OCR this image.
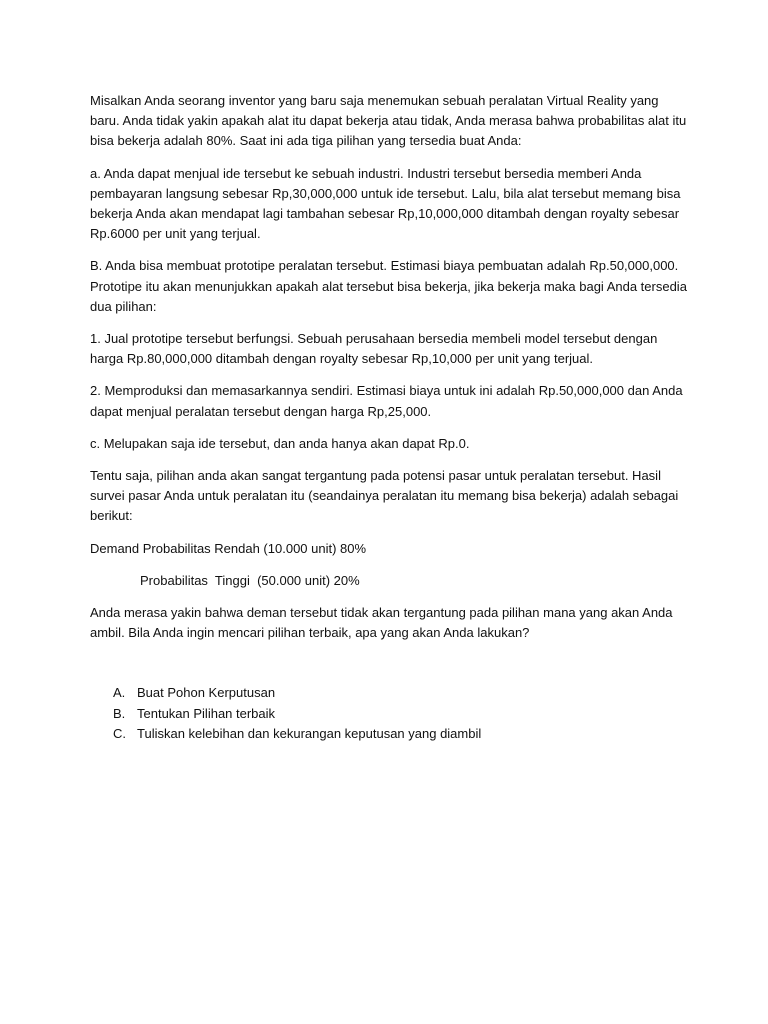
Misalkan Anda seorang inventor yang baru saja menemukan sebuah peralatan Virtual Reality yang baru. Anda tidak yakin apakah alat itu dapat bekerja atau tidak, Anda merasa bahwa probabilitas alat itu bisa bekerja adalah 80%. Saat ini ada tiga pilihan yang tersedia buat Anda:

a. Anda dapat menjual ide tersebut ke sebuah industri. Industri tersebut bersedia memberi Anda pembayaran langsung sebesar Rp,30,000,000 untuk ide tersebut. Lalu, bila alat tersebut memang bisa bekerja Anda akan mendapat lagi tambahan sebesar Rp,10,000,000 ditambah dengan royalty sebesar Rp.6000 per unit yang terjual.

B. Anda bisa membuat prototipe peralatan tersebut. Estimasi biaya pembuatan adalah Rp.50,000,000. Prototipe itu akan menunjukkan apakah alat tersebut bisa bekerja, jika bekerja maka bagi Anda tersedia dua pilihan:

1. Jual prototipe tersebut berfungsi. Sebuah perusahaan bersedia membeli model tersebut dengan harga Rp.80,000,000 ditambah dengan royalty sebesar Rp,10,000 per unit yang terjual.

2. Memproduksi dan memasarkannya sendiri. Estimasi biaya untuk ini adalah Rp.50,000,000 dan Anda dapat menjual peralatan tersebut dengan harga Rp,25,000.

c. Melupakan saja ide tersebut, dan anda hanya akan dapat Rp.0.

Tentu saja, pilihan anda akan sangat tergantung pada potensi pasar untuk peralatan tersebut. Hasil survei pasar Anda untuk peralatan itu (seandainya peralatan itu memang bisa bekerja) adalah sebagai berikut:

Demand Probabilitas Rendah (10.000 unit) 80%

Probabilitas  Tinggi  (50.000 unit) 20%

Anda merasa yakin bahwa deman tersebut tidak akan tergantung pada pilihan mana yang akan Anda ambil. Bila Anda ingin mencari pilihan terbaik, apa yang akan Anda lakukan?

A. Buat Pohon Kerputusan
B. Tentukan Pilihan terbaik
C. Tuliskan kelebihan dan kekurangan keputusan yang diambil
